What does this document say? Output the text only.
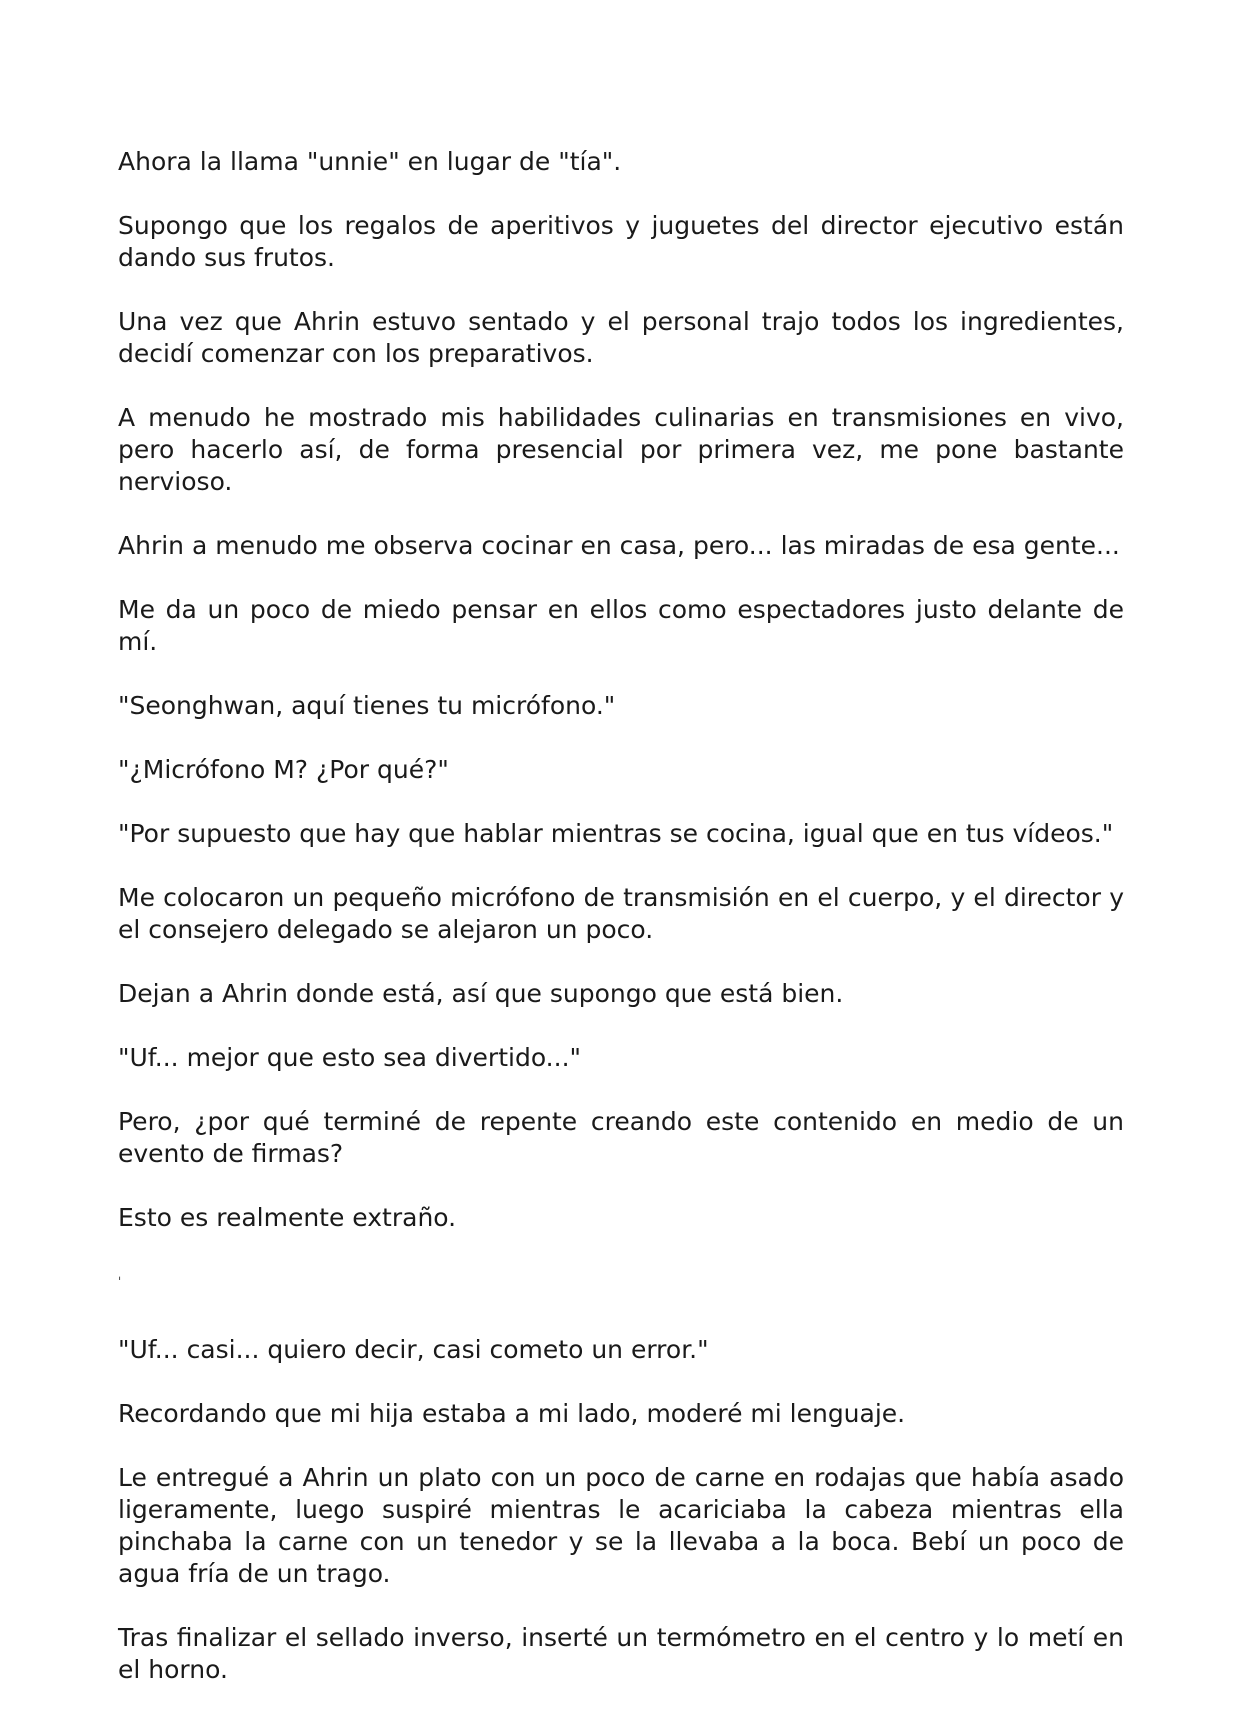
Ahora la llama "unnie" en lugar de "tía".

Supongo que los regalos de aperitivos y juguetes del director ejecutivo están dando sus frutos.

Una vez que Ahrin estuvo sentado y el personal trajo todos los ingredientes, decidí comenzar con los preparativos.

A menudo he mostrado mis habilidades culinarias en transmisiones en vivo, pero hacerlo así, de forma presencial por primera vez, me pone bastante nervioso.

Ahrin a menudo me observa cocinar en casa, pero... las miradas de esa gente...

Me da un poco de miedo pensar en ellos como espectadores justo delante de mí.

"Seonghwan, aquí tienes tu micrófono."

"¿Micrófono M? ¿Por qué?"

"Por supuesto que hay que hablar mientras se cocina, igual que en tus vídeos."

Me colocaron un pequeño micrófono de transmisión en el cuerpo, y el director y el consejero delegado se alejaron un poco.

Dejan a Ahrin donde está, así que supongo que está bien.

"Uf... mejor que esto sea divertido..."

Pero, ¿por qué terminé de repente creando este contenido en medio de un evento de firmas?

Esto es realmente extraño.

ˈ

"Uf... casi... quiero decir, casi cometo un error."

Recordando que mi hija estaba a mi lado, moderé mi lenguaje.

Le entregué a Ahrin un plato con un poco de carne en rodajas que había asado ligeramente, luego suspiré mientras le acariciaba la cabeza mientras ella pinchaba la carne con un tenedor y se la llevaba a la boca. Bebí un poco de agua fría de un trago.

Tras finalizar el sellado inverso, inserté un termómetro en el centro y lo metí en el horno.
